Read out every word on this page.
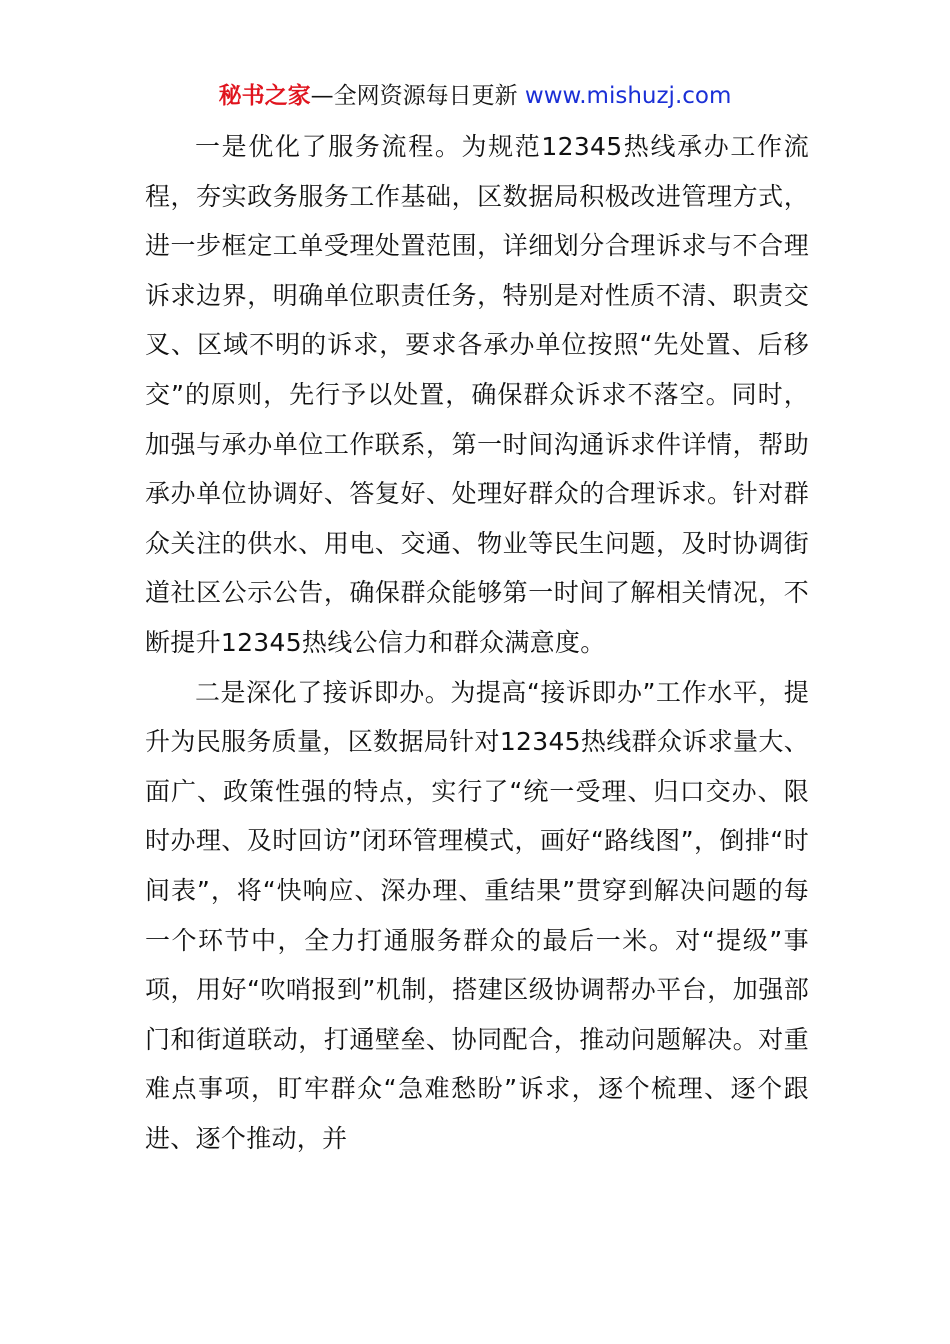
秘书之家—全网资源每日更新 www.mishuzj.com

一是优化了服务流程。为规范12345热线承办工作流程，夯实政务服务工作基础，区数据局积极改进管理方式，进一步框定工单受理处置范围，详细划分合理诉求与不合理诉求边界，明确单位职责任务，特别是对性质不清、职责交叉、区域不明的诉求，要求各承办单位按照“先处置、后移交”的原则，先行予以处置，确保群众诉求不落空。同时，加强与承办单位工作联系，第一时间沟通诉求件详情，帮助承办单位协调好、答复好、处理好群众的合理诉求。针对群众关注的供水、用电、交通、物业等民生问题，及时协调街道社区公示公告，确保群众能够第一时间了解相关情况，不断提升12345热线公信力和群众满意度。

二是深化了接诉即办。为提高“接诉即办”工作水平，提升为民服务质量，区数据局针对12345热线群众诉求量大、面广、政策性强的特点，实行了“统一受理、归口交办、限时办理、及时回访”闭环管理模式，画好“路线图”，倒排“时间表”，将“快响应、深办理、重结果”贯穿到解决问题的每一个环节中，全力打通服务群众的最后一米。对“提级”事项，用好“吹哨报到”机制，搭建区级协调帮办平台，加强部门和街道联动，打通壁垒、协同配合，推动问题解决。对重难点事项，盯牢群众“急难愁盼”诉求，逐个梳理、逐个跟进、逐个推动，并
